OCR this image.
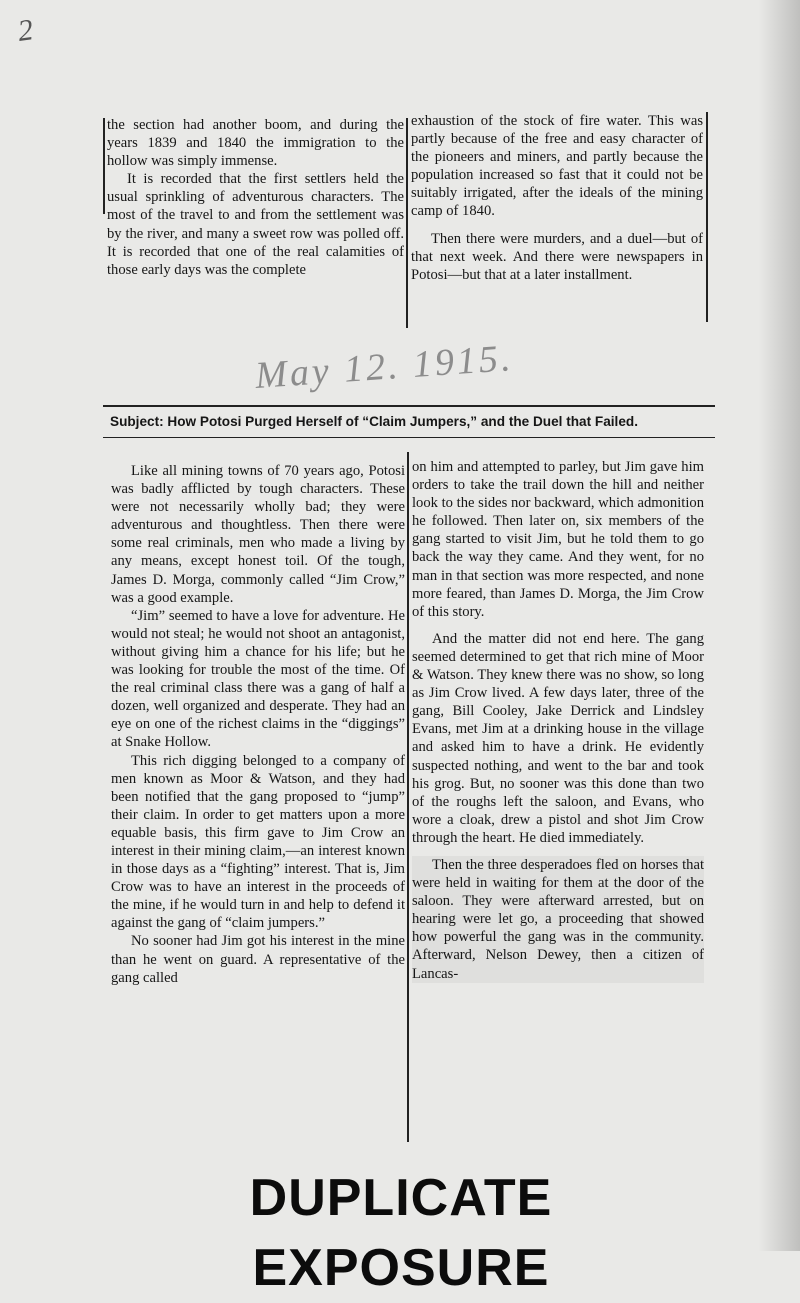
2

the section had another boom, and during the years 1839 and 1840 the immigration to the hollow was simply immense.

It is recorded that the first settlers held the usual sprinkling of adventurous characters. The most of the travel to and from the settlement was by the river, and many a sweet row was polled off. It is recorded that one of the real calamities of those early days was the complete

exhaustion of the stock of fire water. This was partly because of the free and easy character of the pioneers and miners, and partly because the population increased so fast that it could not be suitably irrigated, after the ideals of the mining camp of 1840.

Then there were murders, and a duel—but of that next week. And there were newspapers in Potosi—but that at a later installment.

May 12. 1915.
Subject: How Potosi Purged Herself of “Claim Jumpers,” and the Duel that Failed.

Like all mining towns of 70 years ago, Potosi was badly afflicted by tough characters. These were not necessarily wholly bad; they were adventurous and thoughtless. Then there were some real criminals, men who made a living by any means, except honest toil. Of the tough, James D. Morga, commonly called “Jim Crow,” was a good example.

“Jim” seemed to have a love for adventure. He would not steal; he would not shoot an antagonist, without giving him a chance for his life; but he was looking for trouble the most of the time. Of the real criminal class there was a gang of half a dozen, well organized and desperate. They had an eye on one of the richest claims in the “diggings” at Snake Hollow.

This rich digging belonged to a company of men known as Moor & Watson, and they had been notified that the gang proposed to “jump” their claim. In order to get matters upon a more equable basis, this firm gave to Jim Crow an interest in their mining claim,—an interest known in those days as a “fighting” interest. That is, Jim Crow was to have an interest in the proceeds of the mine, if he would turn in and help to defend it against the gang of “claim jumpers.”

No sooner had Jim got his interest in the mine than he went on guard. A representative of the gang called

on him and attempted to parley, but Jim gave him orders to take the trail down the hill and neither look to the sides nor backward, which admonition he followed. Then later on, six members of the gang started to visit Jim, but he told them to go back the way they came. And they went, for no man in that section was more respected, and none more feared, than James D. Morga, the Jim Crow of this story.

And the matter did not end here. The gang seemed determined to get that rich mine of Moor & Watson. They knew there was no show, so long as Jim Crow lived. A few days later, three of the gang, Bill Cooley, Jake Derrick and Lindsley Evans, met Jim at a drinking house in the village and asked him to have a drink. He evidently suspected nothing, and went to the bar and took his grog. But, no sooner was this done than two of the roughs left the saloon, and Evans, who wore a cloak, drew a pistol and shot Jim Crow through the heart. He died immediately.

Then the three desperadoes fled on horses that were held in waiting for them at the door of the saloon. They were afterward arrested, but on hearing were let go, a proceeding that showed how powerful the gang was in the community. Afterward, Nelson Dewey, then a citizen of Lancas-

DUPLICATE EXPOSURE
